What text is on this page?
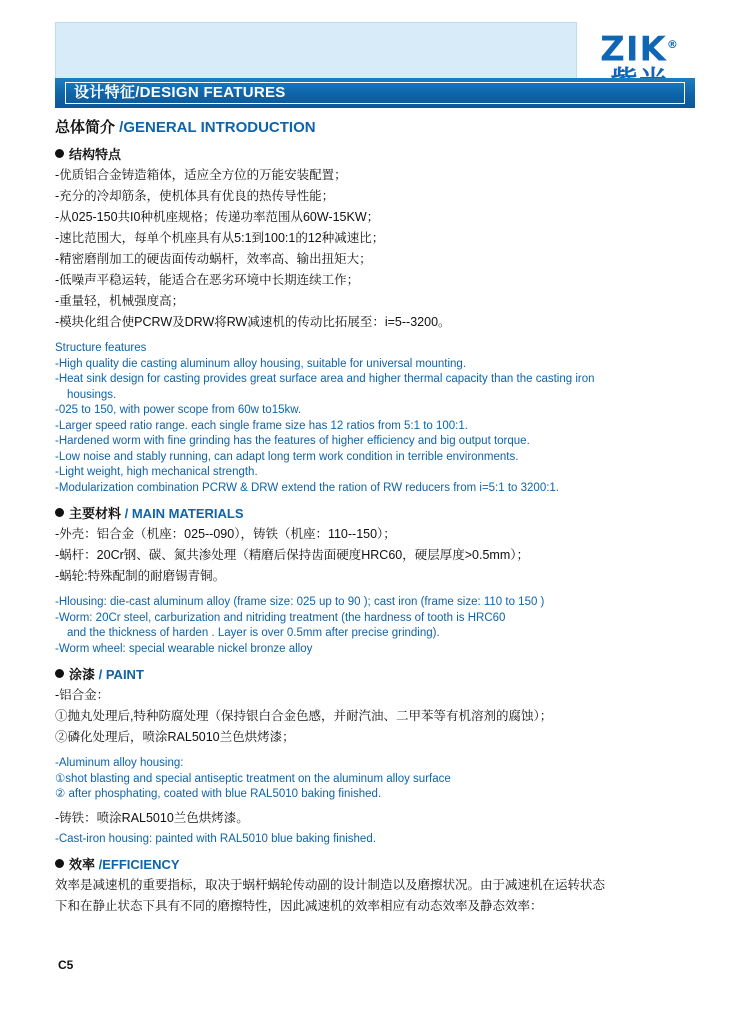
ZIK®
设计特征/DESIGN FEATURES
总体简介 /GENERAL INTRODUCTION
结构特点
-优质铝合金铸造箱体，适应全方位的万能安装配置；
-充分的冷却筋条，使机体具有优良的热传导性能；
-从025-150共I0种机座规格；传递功率范围从60W-15KW；
-速比范围大，每单个机座具有从5:1到100:1的12种减速比；
-精密磨削加工的硬齿面传动蜗杆，效率高、输出扭矩大；
-低噪声平稳运转，能适合在恶劣环境中长期连续工作；
-重量轻，机械强度高；
-模块化组合使PCRW及DRW将RW减速机的传动比拓展至：i=5--3200。
Structure features
-High quality die casting aluminum alloy housing, suitable for universal mounting.
-Heat sink design for casting provides great surface area and higher thermal capacity than the casting iron
housings.
-025 to 150, with power scope from 60w to15kw.
-Larger speed ratio range. each single frame size has 12 ratios from 5:1 to 100:1.
-Hardened worm with fine grinding has the features of higher efficiency and big output torque.
-Low noise and stably running, can adapt long term work condition in terrible environments.
-Light weight, high mechanical strength.
-Modularization combination PCRW & DRW extend the ration of RW reducers from i=5:1 to 3200:1.
主要材料 / MAIN MATERIALS
-外壳：铝合金（机座：025--090），铸铁（机座：110--150）；
-蜗杆：20Cr钢、碳、氮共渗处理（精磨后保持齿面硬度HRC60，硬层厚度>0.5mm）；
-蜗轮:特殊配制的耐磨锡青铜。
-Hlousing: die-cast aluminum alloy (frame size: 025 up to 90 ); cast iron (frame size: 110 to 150 )
-Worm: 20Cr steel, carburization and nitriding treatment (the hardness of tooth is HRC60
and the thickness of harden . Layer is over 0.5mm after precise grinding).
-Worm wheel: special wearable nickel bronze alloy
涂漆 / PAINT
-铝合金：
①抛丸处理后,特种防腐处理（保持银白合金色感，并耐汽油、二甲苯等有机溶剂的腐蚀）；
②磷化处理后，喷涂RAL5010兰色烘烤漆；
-Aluminum alloy housing:
①shot blasting and special antiseptic treatment on the aluminum alloy surface
② after phosphating, coated with blue RAL5010 baking finished.
-铸铁：喷涂RAL5010兰色烘烤漆。
-Cast-iron housing: painted with RAL5010 blue baking finished.
效率 /EFFICIENCY
效率是减速机的重要指标，取决于蜗杆蜗轮传动副的设计制造以及磨擦状况。由于减速机在运转状态
下和在静止状态下具有不同的磨擦特性，因此减速机的效率相应有动态效率及静态效率：
C5
